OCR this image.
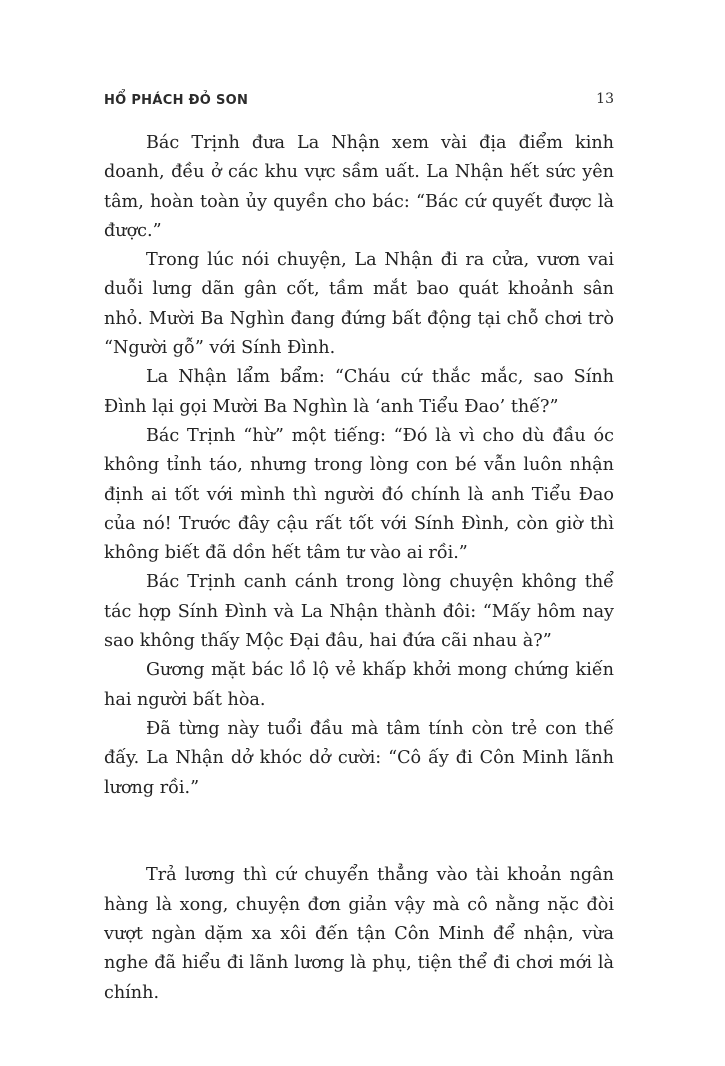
HỔ PHÁCH ĐỎ SON	13

Bác Trịnh đưa La Nhận xem vài địa điểm kinh doanh, đều ở các khu vực sầm uất. La Nhận hết sức yên tâm, hoàn toàn ủy quyền cho bác: “Bác cứ quyết được là được.”

Trong lúc nói chuyện, La Nhận đi ra cửa, vươn vai duỗi lưng dãn gân cốt, tầm mắt bao quát khoảnh sân nhỏ. Mười Ba Nghìn đang đứng bất động tại chỗ chơi trò “Người gỗ” với Sính Đình.

La Nhận lẩm bẩm: “Cháu cứ thắc mắc, sao Sính Đình lại gọi Mười Ba Nghìn là ‘anh Tiểu Đao’ thế?”

Bác Trịnh “hừ” một tiếng: “Đó là vì cho dù đầu óc không tỉnh táo, nhưng trong lòng con bé vẫn luôn nhận định ai tốt với mình thì người đó chính là anh Tiểu Đao của nó! Trước đây cậu rất tốt với Sính Đình, còn giờ thì không biết đã dồn hết tâm tư vào ai rồi.”

Bác Trịnh canh cánh trong lòng chuyện không thể tác hợp Sính Đình và La Nhận thành đôi: “Mấy hôm nay sao không thấy Mộc Đại đâu, hai đứa cãi nhau à?”

Gương mặt bác lồ lộ vẻ khấp khởi mong chứng kiến hai người bất hòa.

Đã từng này tuổi đầu mà tâm tính còn trẻ con thế đấy. La Nhận dở khóc dở cười: “Cô ấy đi Côn Minh lãnh lương rồi.”

Trả lương thì cứ chuyển thẳng vào tài khoản ngân hàng là xong, chuyện đơn giản vậy mà cô nằng nặc đòi vượt ngàn dặm xa xôi đến tận Côn Minh để nhận, vừa nghe đã hiểu đi lãnh lương là phụ, tiện thể đi chơi mới là chính.
